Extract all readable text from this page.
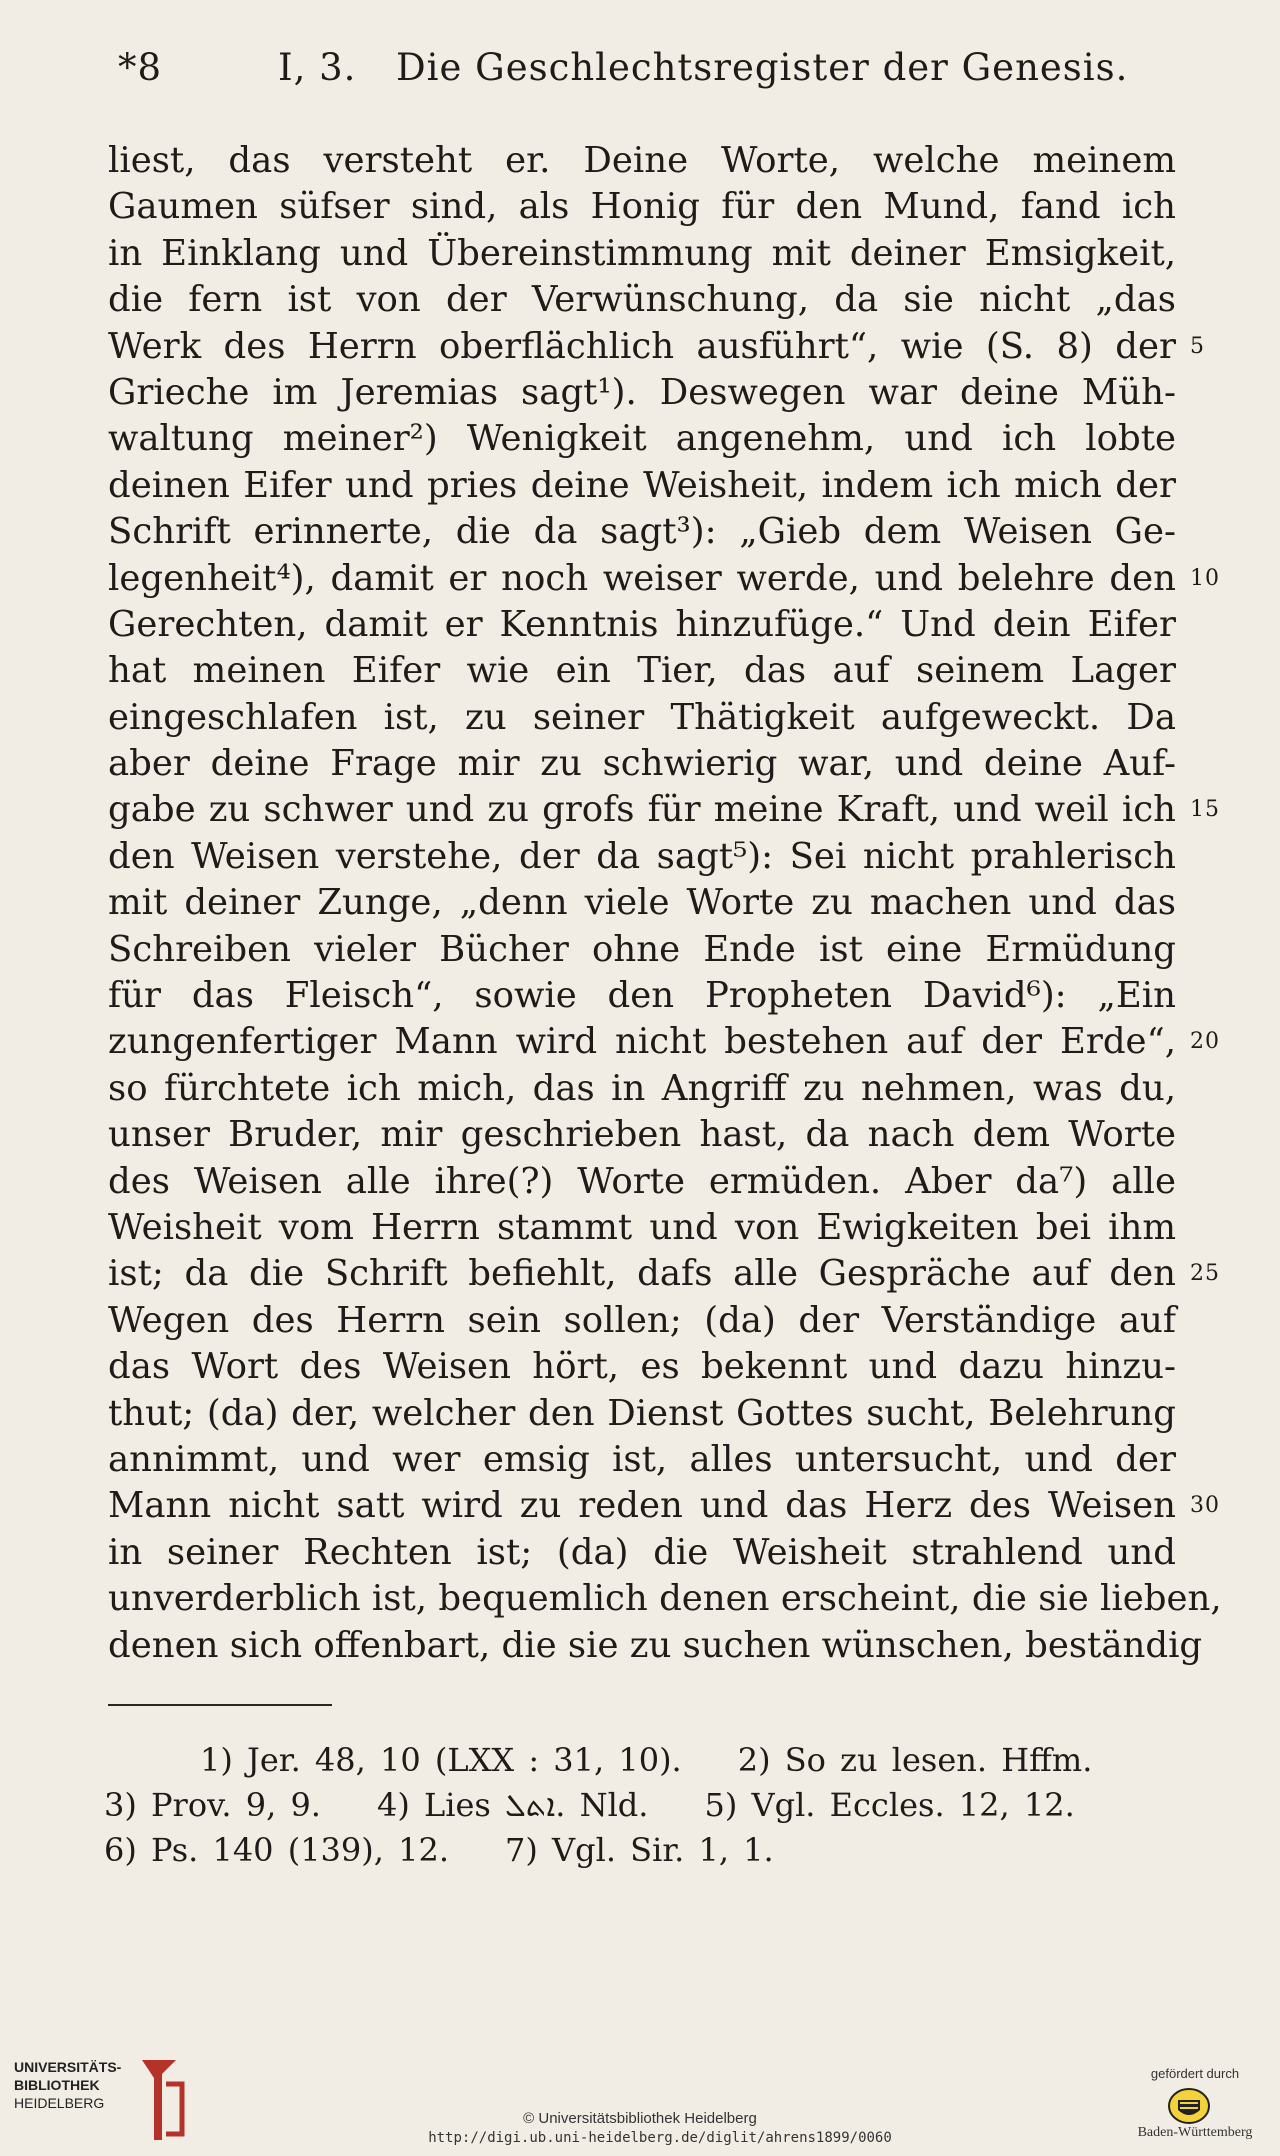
*8	I, 3. Die Geschlechtsregister der Genesis.
liest, das versteht er. Deine Worte, welche meinem
Gaumen süfser sind, als Honig für den Mund, fand ich
in Einklang und Übereinstimmung mit deiner Emsigkeit,
die fern ist von der Verwünschung, da sie nicht „das
Werk des Herrn oberflächlich ausführt“, wie (S. 8) der 5
Grieche im Jeremias sagt¹). Deswegen war deine Müh-
waltung meiner²) Wenigkeit angenehm, und ich lobte
deinen Eifer und pries deine Weisheit, indem ich mich der
Schrift erinnerte, die da sagt³): „Gieb dem Weisen Ge-
legenheit⁴), damit er noch weiser werde, und belehre den 10
Gerechten, damit er Kenntnis hinzufüge.“ Und dein Eifer
hat meinen Eifer wie ein Tier, das auf seinem Lager
eingeschlafen ist, zu seiner Thätigkeit aufgeweckt. Da
aber deine Frage mir zu schwierig war, und deine Auf-
gabe zu schwer und zu grofs für meine Kraft, und weil ich 15
den Weisen verstehe, der da sagt⁵): Sei nicht prahlerisch
mit deiner Zunge, „denn viele Worte zu machen und das
Schreiben vieler Bücher ohne Ende ist eine Ermüdung
für das Fleisch“, sowie den Propheten David⁶): „Ein
zungenfertiger Mann wird nicht bestehen auf der Erde“, 20
so fürchtete ich mich, das in Angriff zu nehmen, was du,
unser Bruder, mir geschrieben hast, da nach dem Worte
des Weisen alle ihre(?) Worte ermüden. Aber da⁷) alle
Weisheit vom Herrn stammt und von Ewigkeiten bei ihm
ist; da die Schrift befiehlt, dafs alle Gespräche auf den 25
Wegen des Herrn sein sollen; (da) der Verständige auf
das Wort des Weisen hört, es bekennt und dazu hinzu-
thut; (da) der, welcher den Dienst Gottes sucht, Belehrung
annimmt, und wer emsig ist, alles untersucht, und der
Mann nicht satt wird zu reden und das Herz des Weisen 30
in seiner Rechten ist; (da) die Weisheit strahlend und
unverderblich ist, bequemlich denen erscheint, die sie lieben,
denen sich offenbart, die sie zu suchen wünschen, beständig
1) Jer. 48, 10 (LXX : 31, 10). 2) So zu lesen. Hffm.
3) Prov. 9, 9. 4) Lies ܐܬܠ. Nld. 5) Vgl. Eccles. 12, 12.
6) Ps. 140 (139), 12. 7) Vgl. Sir. 1, 1.
UNIVERSITÄTS-
BIBLIOTHEK
HEIDELBERG
© Universitätsbibliothek Heidelberg
http://digi.ub.uni-heidelberg.de/diglit/ahrens1899/0060
gefördert durch
Baden-Württemberg
